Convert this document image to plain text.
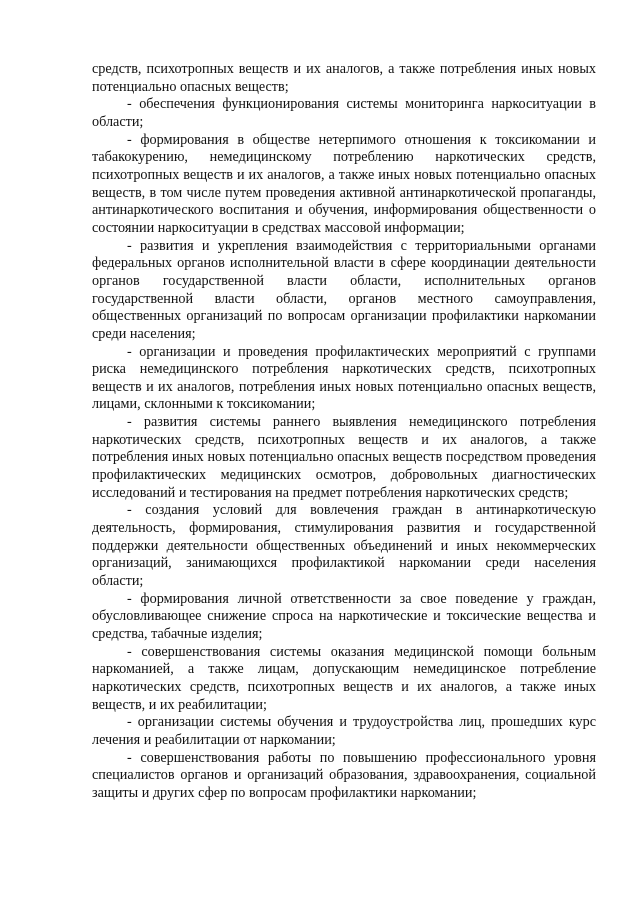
средств, психотропных веществ и их аналогов, а также потребления иных новых потенциально опасных веществ;

- обеспечения функционирования системы мониторинга наркоситуации в области;

- формирования в обществе нетерпимого отношения к токсикомании и табакокурению, немедицинскому потреблению наркотических средств, психотропных веществ и их аналогов, а также иных новых потенциально опасных веществ, в том числе путем проведения активной антинаркотической пропаганды, антинаркотического воспитания и обучения, информирования общественности о состоянии наркоситуации в средствах массовой информации;

- развития и укрепления взаимодействия с территориальными органами федеральных органов исполнительной власти в сфере координации деятельности органов государственной власти области, исполнительных органов государственной власти области, органов местного самоуправления, общественных организаций по вопросам организации профилактики наркомании среди населения;

- организации и проведения профилактических мероприятий с группами риска немедицинского потребления наркотических средств, психотропных веществ и их аналогов, потребления иных новых потенциально опасных веществ, лицами, склонными к токсикомании;

- развития системы раннего выявления немедицинского потребления наркотических средств, психотропных веществ и их аналогов, а также потребления иных новых потенциально опасных веществ посредством проведения профилактических медицинских осмотров, добровольных диагностических исследований и тестирования на предмет потребления наркотических средств;

- создания условий для вовлечения граждан в антинаркотическую деятельность, формирования, стимулирования развития и государственной поддержки деятельности общественных объединений и иных некоммерческих организаций, занимающихся профилактикой наркомании среди населения области;

- формирования личной ответственности за свое поведение у граждан, обусловливающее снижение спроса на наркотические и токсические вещества и средства, табачные изделия;

- совершенствования системы оказания медицинской помощи больным наркоманией, а также лицам, допускающим немедицинское потребление наркотических средств, психотропных веществ и их аналогов, а также иных веществ, и их реабилитации;

- организации системы обучения и трудоустройства лиц, прошедших курс лечения и реабилитации от наркомании;

- совершенствования работы по повышению профессионального уровня специалистов органов и организаций образования, здравоохранения, социальной защиты и других сфер по вопросам профилактики наркомании;
